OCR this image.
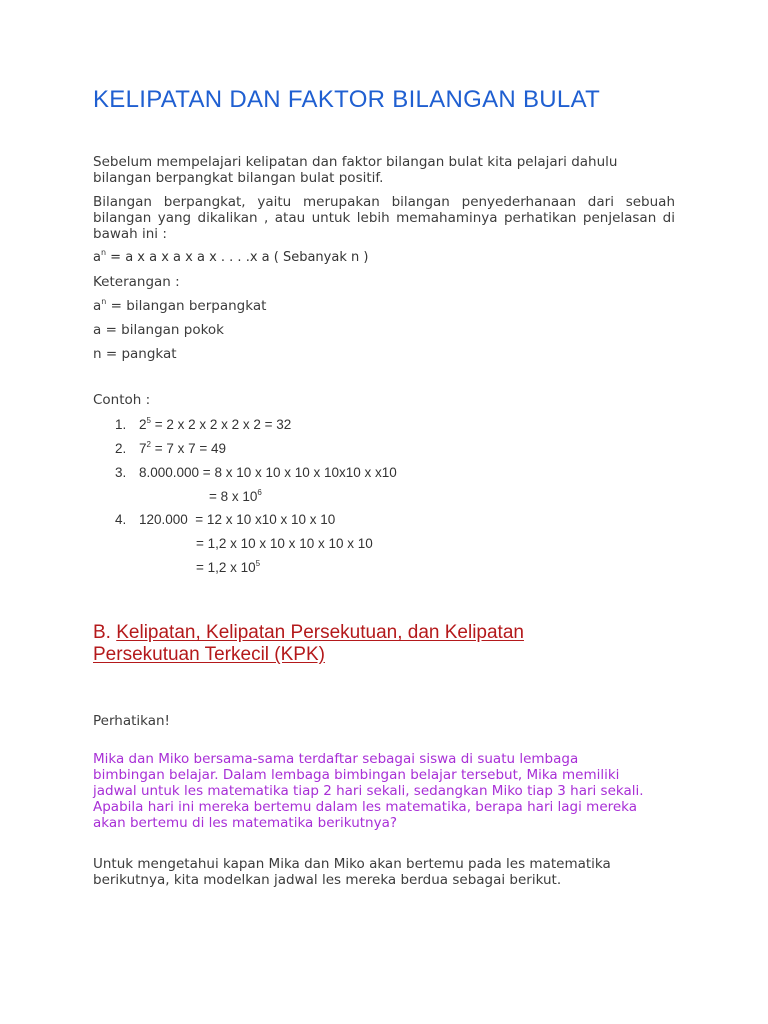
KELIPATAN DAN FAKTOR BILANGAN BULAT

Sebelum mempelajari kelipatan dan faktor bilangan bulat kita pelajari dahulu bilangan berpangkat bilangan bulat positif.

Bilangan berpangkat, yaitu merupakan bilangan penyederhanaan dari sebuah bilangan yang dikalikan , atau untuk lebih memahaminya perhatikan penjelasan di bawah ini :

$a^n = a$ x a x a x a x . . . .x a ( Sebanyak n )

Keterangan :

$a^n$ = bilangan berpangkat

a = bilangan pokok

n = pangkat

Contoh :

1. $2^5 = 2$ x 2 x 2 x 2 x 2 = 32
2. $7^2 = 7$ x 7 = 49
3. 8.000.000 = 8 x 10 x 10 x 10 x 10x10 x x10
= 8 x $10^6$
4. 120.000  = 12 x 10 x10 x 10 x 10
= 1,2 x 10 x 10 x 10 x 10 x 10
= 1,2 x $10^5$
B. Kelipatan, Kelipatan Persekutuan, dan Kelipatan Persekutuan Terkecil (KPK)

Perhatikan!

Mika dan Miko bersama-sama terdaftar sebagai siswa di suatu lembaga bimbingan belajar. Dalam lembaga bimbingan belajar tersebut, Mika memiliki jadwal untuk les matematika tiap 2 hari sekali, sedangkan Miko tiap 3 hari sekali. Apabila hari ini mereka bertemu dalam les matematika, berapa hari lagi mereka akan bertemu di les matematika berikutnya?

Untuk mengetahui kapan Mika dan Miko akan bertemu pada les matematika berikutnya, kita modelkan jadwal les mereka berdua sebagai berikut.
